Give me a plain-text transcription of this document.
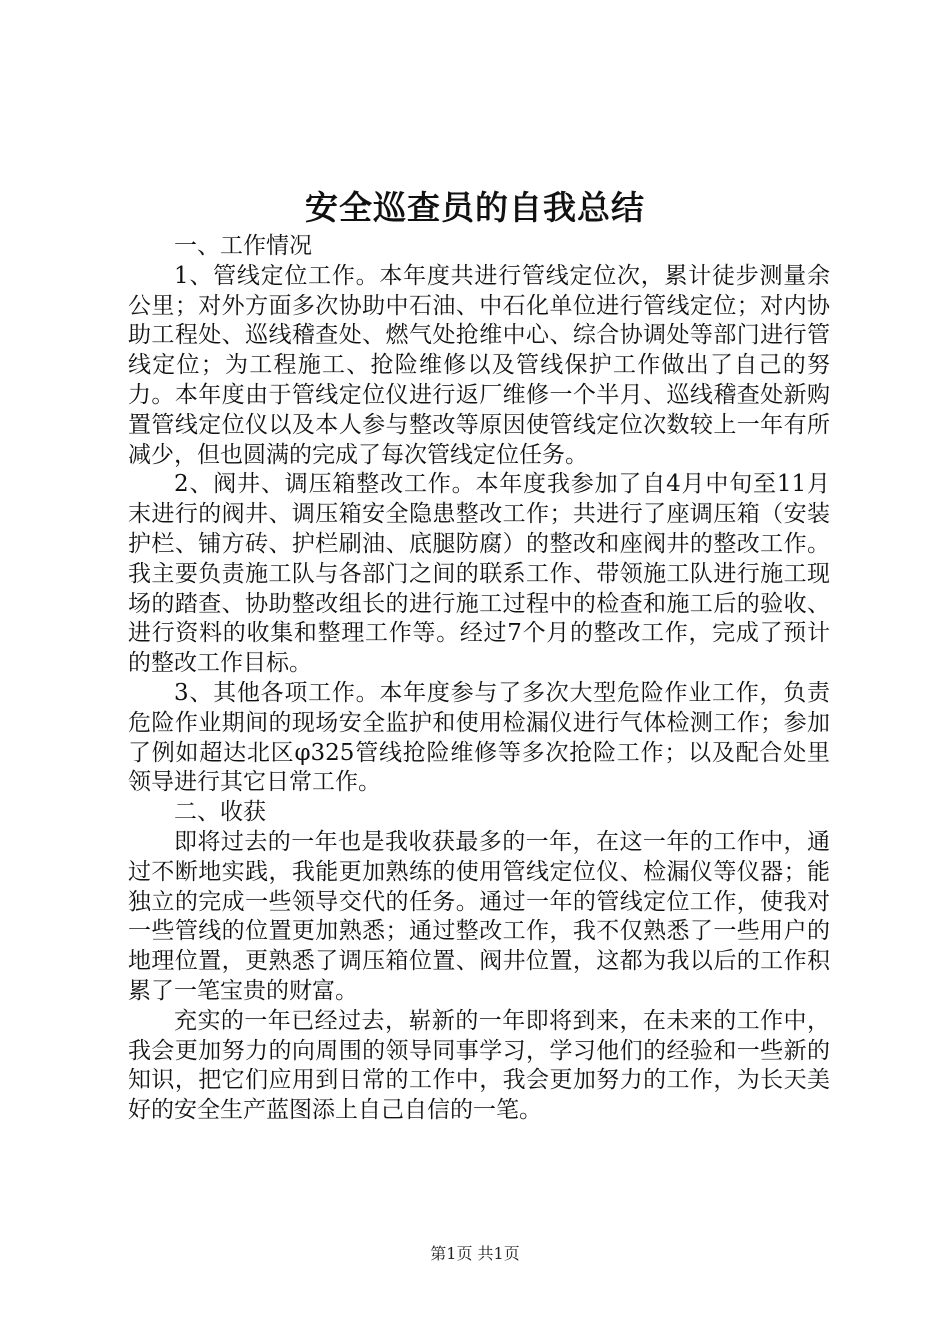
安全巡查员的自我总结

一、工作情况

1、管线定位工作。本年度共进行管线定位次，累计徒步测量余公里；对外方面多次协助中石油、中石化单位进行管线定位；对内协助工程处、巡线稽查处、燃气处抢维中心、综合协调处等部门进行管线定位；为工程施工、抢险维修以及管线保护工作做出了自己的努力。本年度由于管线定位仪进行返厂维修一个半月、巡线稽查处新购置管线定位仪以及本人参与整改等原因使管线定位次数较上一年有所减少，但也圆满的完成了每次管线定位任务。

2、阀井、调压箱整改工作。本年度我参加了自4月中旬至11月末进行的阀井、调压箱安全隐患整改工作；共进行了座调压箱（安装护栏、铺方砖、护栏刷油、底腿防腐）的整改和座阀井的整改工作。我主要负责施工队与各部门之间的联系工作、带领施工队进行施工现场的踏查、协助整改组长的进行施工过程中的检查和施工后的验收、进行资料的收集和整理工作等。经过7个月的整改工作，完成了预计的整改工作目标。

3、其他各项工作。本年度参与了多次大型危险作业工作，负责危险作业期间的现场安全监护和使用检漏仪进行气体检测工作；参加了例如超达北区φ325管线抢险维修等多次抢险工作；以及配合处里领导进行其它日常工作。

二、收获

即将过去的一年也是我收获最多的一年，在这一年的工作中，通过不断地实践，我能更加熟练的使用管线定位仪、检漏仪等仪器；能独立的完成一些领导交代的任务。通过一年的管线定位工作，使我对一些管线的位置更加熟悉；通过整改工作，我不仅熟悉了一些用户的地理位置，更熟悉了调压箱位置、阀井位置，这都为我以后的工作积累了一笔宝贵的财富。

充实的一年已经过去，崭新的一年即将到来，在未来的工作中，我会更加努力的向周围的领导同事学习，学习他们的经验和一些新的知识，把它们应用到日常的工作中，我会更加努力的工作，为长天美好的安全生产蓝图添上自己自信的一笔。

第1页 共1页
